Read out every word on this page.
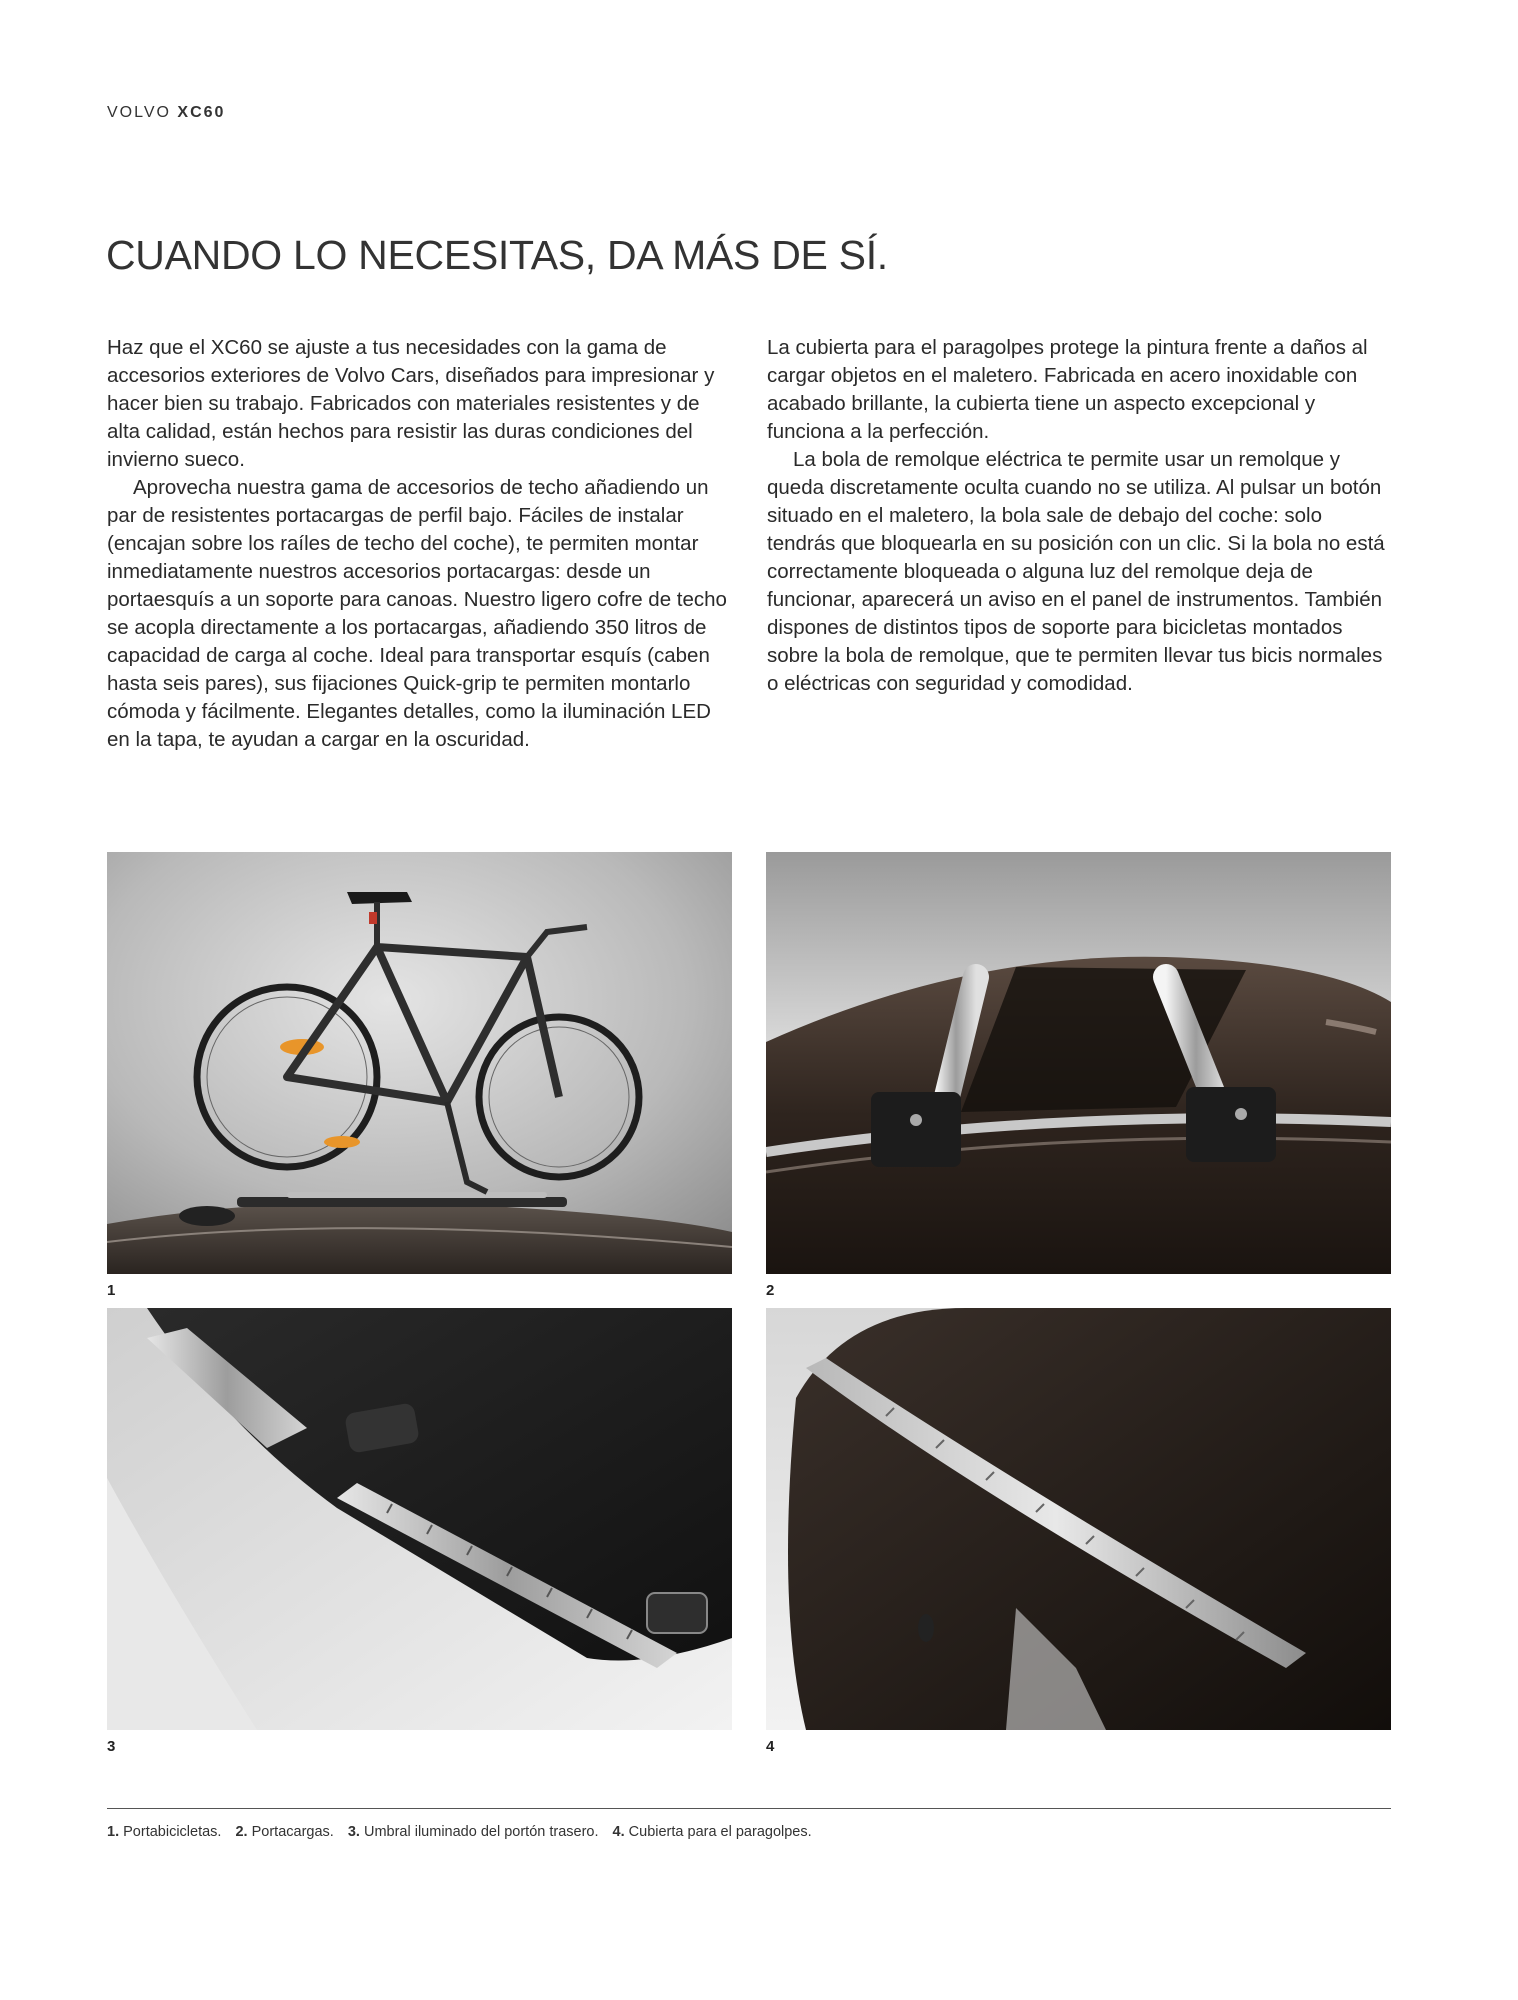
VOLVO XC60
CUANDO LO NECESITAS, DA MÁS DE SÍ.

Haz que el XC60 se ajuste a tus necesidades con la gama de accesorios exteriores de Volvo Cars, diseñados para impresionar y hacer bien su trabajo. Fabricados con materiales resistentes y de alta calidad, están hechos para resistir las duras condiciones del invierno sueco.

Aprovecha nuestra gama de accesorios de techo añadiendo un par de resistentes portacargas de perfil bajo. Fáciles de instalar (encajan sobre los raíles de techo del coche), te permiten montar inmediatamente nuestros accesorios portacargas: desde un portaesquís a un soporte para canoas. Nuestro ligero cofre de techo se acopla directamente a los portacargas, añadiendo 350 litros de capacidad de carga al coche. Ideal para transportar esquís (caben hasta seis pares), sus fijaciones Quick-grip te permiten montarlo cómoda y fácilmente. Elegantes detalles, como la iluminación LED en la tapa, te ayudan a cargar en la oscuridad.

La cubierta para el paragolpes protege la pintura frente a daños al cargar objetos en el maletero. Fabricada en acero inoxidable con acabado brillante, la cubierta tiene un aspecto excepcional y funciona a la perfección.

La bola de remolque eléctrica te permite usar un remolque y queda discretamente oculta cuando no se utiliza. Al pulsar un botón situado en el maletero, la bola sale de debajo del coche: solo tendrás que bloquearla en su posición con un clic. Si la bola no está correctamente bloqueada o alguna luz del remolque deja de funcionar, aparecerá un aviso en el panel de instrumentos. También dispones de distintos tipos de soporte para bicicletas montados sobre la bola de remolque, que te permiten llevar tus bicis normales o eléctricas con seguridad y comodidad.

1	2
3	4
1. Portabicicletas. 2. Portacargas. 3. Umbral iluminado del portón trasero. 4. Cubierta para el paragolpes.
